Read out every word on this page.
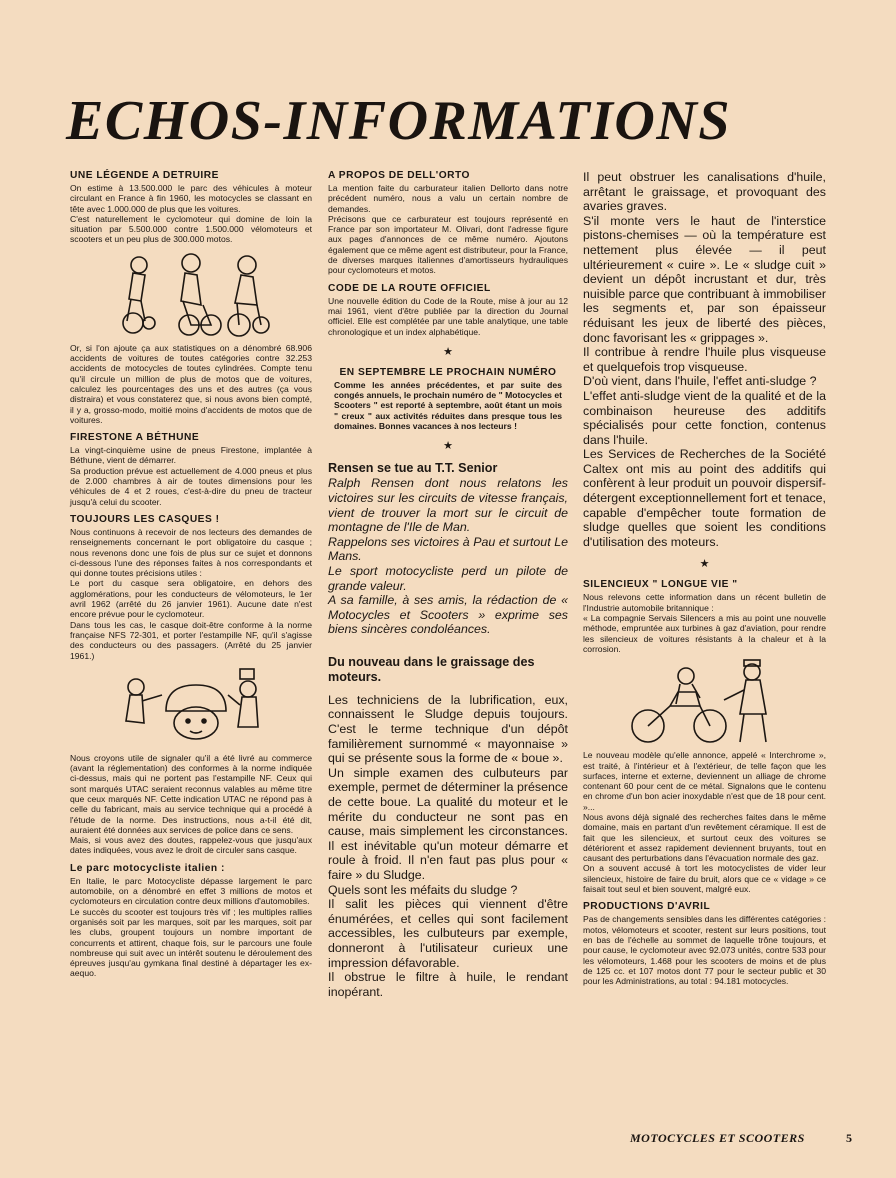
ECHOS-INFORMATIONS
UNE LÉGENDE A DETRUIRE

On estime à 13.500.000 le parc des véhicules à moteur circulant en France à fin 1960, les motocycles se classant en tête avec 1.000.000 de plus que les voitures.

C'est naturellement le cyclomoteur qui domine de loin la situation par 5.500.000 contre 1.500.000 vélomoteurs et scooters et un peu plus de 300.000 motos.

Or, si l'on ajoute ça aux statistiques on a dénombré 68.906 accidents de voitures de toutes catégories contre 32.253 accidents de motocycles de toutes cylindrées. Compte tenu qu'il circule un million de plus de motos que de voitures, calculez les pourcentages des uns et des autres (ça vous distraira) et vous constaterez que, si nous avons bien compté, il y a, grosso-modo, moitié moins d'accidents de motos que de voitures.

FIRESTONE A BÉTHUNE

La vingt-cinquième usine de pneus Firestone, implantée à Béthune, vient de démarrer.

Sa production prévue est actuellement de 4.000 pneus et plus de 2.000 chambres à air de toutes dimensions pour les véhicules de 4 et 2 roues, c'est-à-dire du pneu de tracteur jusqu'à celui du scooter.

TOUJOURS LES CASQUES !

Nous continuons à recevoir de nos lecteurs des demandes de renseignements concernant le port obligatoire du casque ; nous revenons donc une fois de plus sur ce sujet et donnons ci-dessous l'une des réponses faites à nos correspondants et qui donne toutes précisions utiles :

Le port du casque sera obligatoire, en dehors des agglomérations, pour les conducteurs de vélomoteurs, le 1er avril 1962 (arrêté du 26 janvier 1961). Aucune date n'est encore prévue pour le cyclomoteur.

Dans tous les cas, le casque doit-être conforme à la norme française NFS 72-301, et porter l'estampille NF, qu'il s'agisse des conducteurs ou des passagers. (Arrêté du 25 janvier 1961.)

Nous croyons utile de signaler qu'il a été livré au commerce (avant la réglementation) des conformes à la norme indiquée ci-dessus, mais qui ne portent pas l'estampille NF. Ceux qui sont marqués UTAC seraient reconnus valables au même titre que ceux marqués NF. Cette indication UTAC ne répond pas à celle du fabricant, mais au service technique qui a procédé à l'étude de la norme. Des instructions, nous a-t-il été dit, auraient été données aux services de police dans ce sens.

Mais, si vous avez des doutes, rappelez-vous que jusqu'aux dates indiquées, vous avez le droit de circuler sans casque.

Le parc motocycliste italien :

En Italie, le parc Motocycliste dépasse largement le parc automobile, on a dénombré en effet 3 millions de motos et cyclomoteurs en circulation contre deux millions d'automobiles.

Le succès du scooter est toujours très vif ; les multiples rallies organisés soit par les marques, soit par les marques, soit par les clubs, groupent toujours un nombre important de concurrents et attirent, chaque fois, sur le parcours une foule nombreuse qui suit avec un intérêt soutenu le déroulement des épreuves jusqu'au gymkana final destiné à départager les ex-aequo.

A PROPOS DE DELL'ORTO

La mention faite du carburateur italien Dellorto dans notre précédent numéro, nous a valu un certain nombre de demandes.

Précisons que ce carburateur est toujours représenté en France par son importateur M. Olivari, dont l'adresse figure aux pages d'annonces de ce même numéro. Ajoutons également que ce même agent est distributeur, pour la France, de diverses marques italiennes d'amortisseurs hydrauliques pour cyclomoteurs et motos.

CODE DE LA ROUTE OFFICIEL

Une nouvelle édition du Code de la Route, mise à jour au 12 mai 1961, vient d'être publiée par la direction du Journal officiel. Elle est complétée par une table analytique, une table chronologique et un index alphabétique.

★
EN SEPTEMBRE LE PROCHAIN NUMÉRO

Comme les années précédentes, et par suite des congés annuels, le prochain numéro de " Motocycles et Scooters " est reporté à septembre, août étant un mois " creux " aux activités réduites dans presque tous les domaines. Bonnes vacances à nos lecteurs !

★
Rensen se tue au T.T. Senior

Ralph Rensen dont nous relatons les victoires sur les circuits de vitesse français, vient de trouver la mort sur le circuit de montagne de l'Ile de Man.

Rappelons ses victoires à Pau et surtout Le Mans.

Le sport motocycliste perd un pilote de grande valeur.

A sa famille, à ses amis, la rédaction de « Motocycles et Scooters » exprime ses biens sincères condoléances.

Du nouveau dans le graissage des moteurs.

Les techniciens de la lubrification, eux, connaissent le Sludge depuis toujours. C'est le terme technique d'un dépôt familièrement surnommé « mayonnaise » qui se présente sous la forme de « boue ».

Un simple examen des culbuteurs par exemple, permet de déterminer la présence de cette boue. La qualité du moteur et le mérite du conducteur ne sont pas en cause, mais simplement les circonstances. Il est inévitable qu'un moteur démarre et roule à froid. Il n'en faut pas plus pour « faire » du Sludge.

Quels sont les méfaits du sludge ?

Il salit les pièces qui viennent d'être énumérées, et celles qui sont facilement accessibles, les culbuteurs par exemple, donneront à l'utilisateur curieux une impression défavorable.

Il obstrue le filtre à huile, le rendant inopérant.

Il peut obstruer les canalisations d'huile, arrêtant le graissage, et provoquant des avaries graves.

S'il monte vers le haut de l'interstice pistons-chemises — où la température est nettement plus élevée — il peut ultérieurement « cuire ». Le « sludge cuit » devient un dépôt incrustant et dur, très nuisible parce que contribuant à immobiliser les segments et, par son épaisseur réduisant les jeux de liberté des pièces, donc favorisant les « grippages ».

Il contribue à rendre l'huile plus visqueuse et quelquefois trop visqueuse.

D'où vient, dans l'huile, l'effet anti-sludge ?

L'effet anti-sludge vient de la qualité et de la combinaison heureuse des additifs spécialisés pour cette fonction, contenus dans l'huile.

Les Services de Recherches de la Société Caltex ont mis au point des additifs qui confèrent à leur produit un pouvoir dispersif-détergent exceptionnellement fort et tenace, capable d'empêcher toute formation de sludge quelles que soient les conditions d'utilisation des moteurs.

★
SILENCIEUX " LONGUE VIE "

Nous relevons cette information dans un récent bulletin de l'Industrie automobile britannique :

« La compagnie Servais Silencers a mis au point une nouvelle méthode, empruntée aux turbines à gaz d'aviation, pour rendre les silencieux de voitures résistants à la chaleur et à la corrosion.

Le nouveau modèle qu'elle annonce, appelé « Interchrome », est traité, à l'intérieur et à l'extérieur, de telle façon que les surfaces, interne et externe, deviennent un alliage de chrome contenant 60 pour cent de ce métal. Signalons que le contenu en chrome d'un bon acier inoxydable n'est que de 18 pour cent. »...

Nous avons déjà signalé des recherches faites dans le même domaine, mais en partant d'un revêtement céramique. Il est de fait que les silencieux, et surtout ceux des voitures se détériorent et assez rapidement deviennent bruyants, tout en causant des perturbations dans l'évacuation normale des gaz.

On a souvent accusé à tort les motocyclistes de vider leur silencieux, histoire de faire du bruit, alors que ce « vidage » ce faisait tout seul et bien souvent, malgré eux.

PRODUCTIONS D'AVRIL

Pas de changements sensibles dans les différentes catégories : motos, vélomoteurs et scooter, restent sur leurs positions, tout en bas de l'échelle au sommet de laquelle trône toujours, et pour cause, le cyclomoteur avec 92.073 unités, contre 533 pour les vélomoteurs, 1.468 pour les scooters de moins et de plus de 125 cc. et 107 motos dont 77 pour le secteur public et 30 pour les Administrations, au total : 94.181 motocycles.

MOTOCYCLES ET SCOOTERS	5
